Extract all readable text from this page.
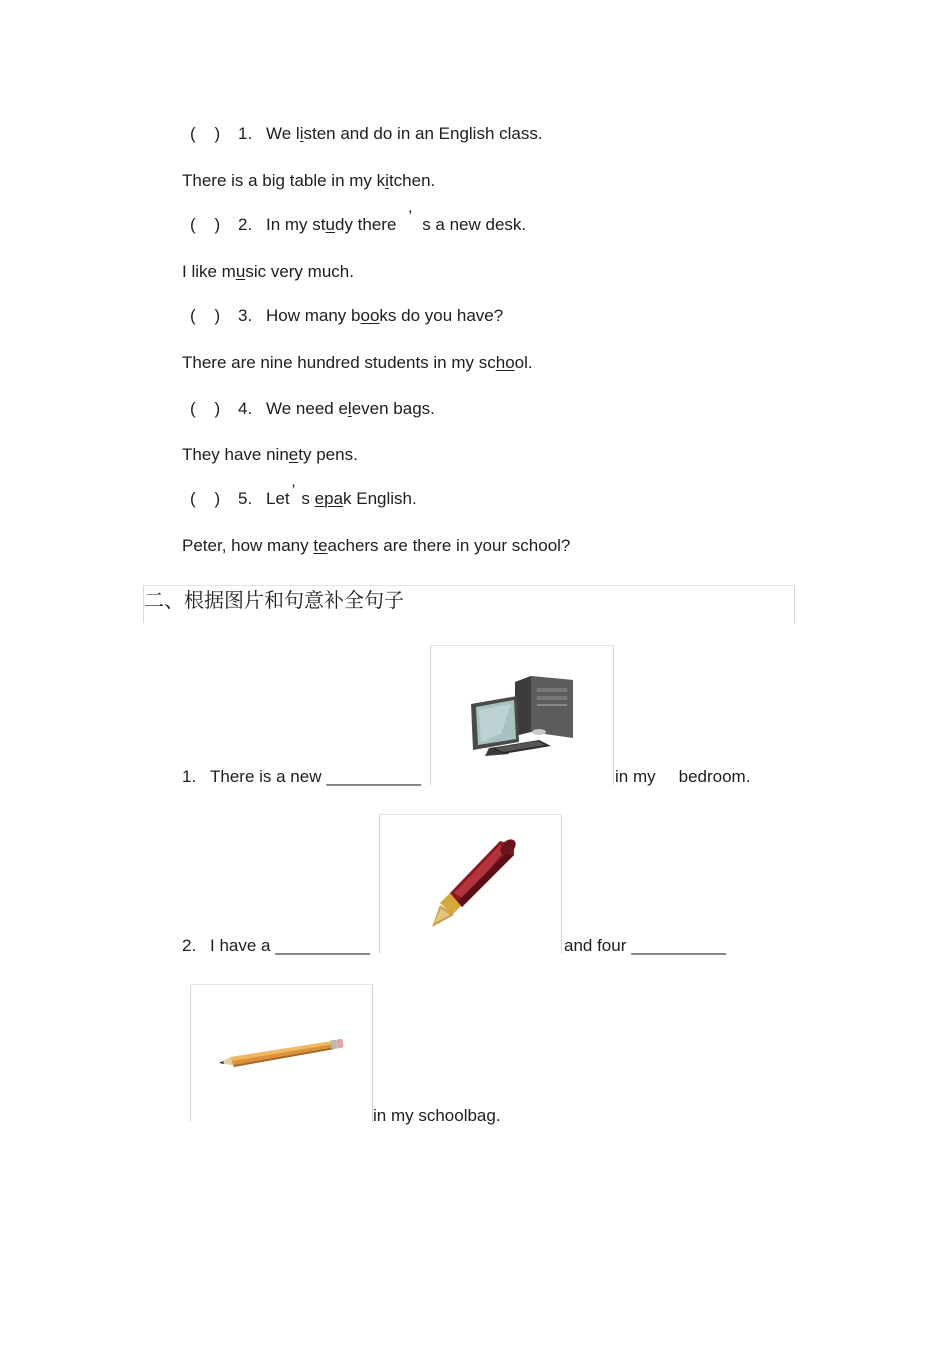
(    ) 1. We listen and do in an English class.
There is a big table in my kitchen.
(    ) 2. In my study there ’ s a new desk.
I like music very much.
(    ) 3. How many books do you have?
There are nine hundred students in my school.
(    ) 4. We need eleven bags.
They have ninety pens.
(    ) 5. Let ’ s epak English.
Peter, how many teachers are there in your school?
二、根据图片和句意补全句子
1. There is a new __________	in my bedroom.
2. I have a __________	and four __________
in my schoolbag.
